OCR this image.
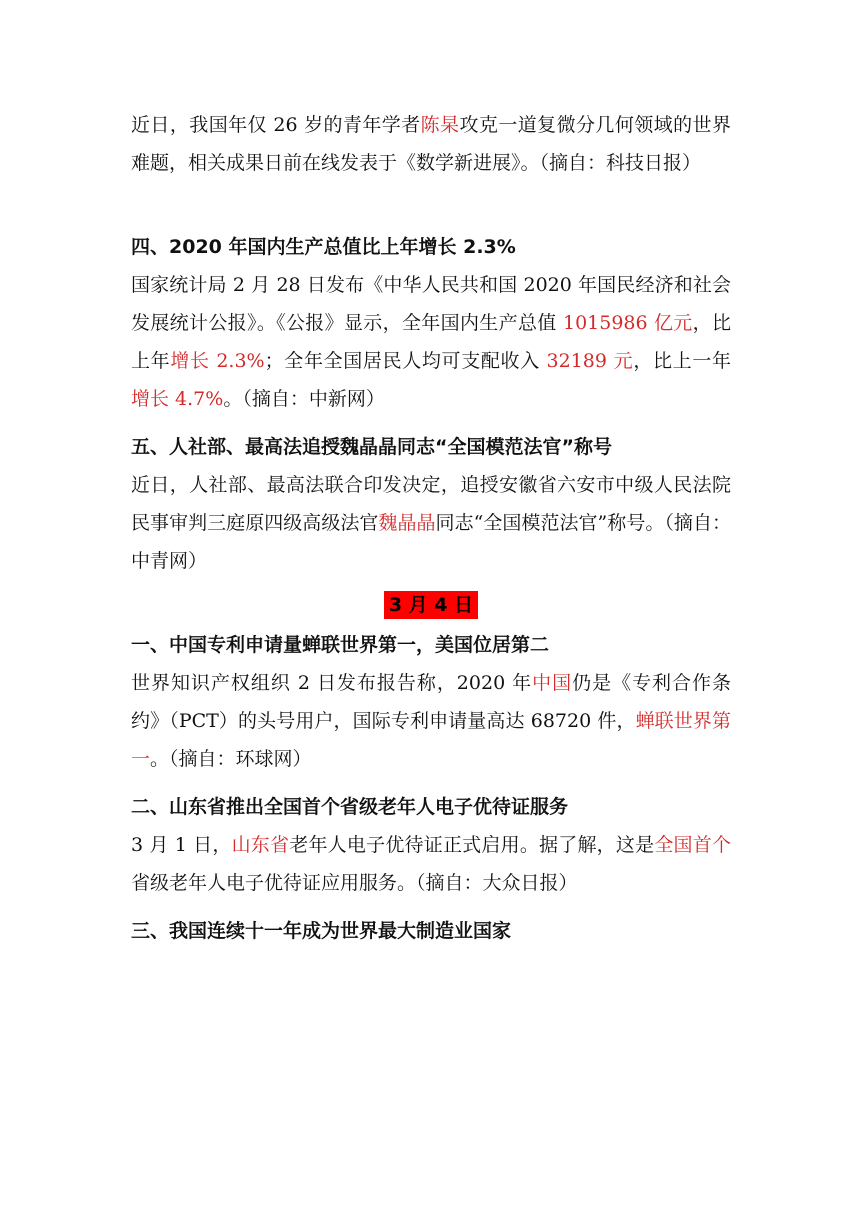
近日，我国年仅 26 岁的青年学者陈杲攻克一道复微分几何领域的世界难题，相关成果日前在线发表于《数学新进展》。（摘自：科技日报）

四、2020 年国内生产总值比上年增长 2.3%

国家统计局 2 月 28 日发布《中华人民共和国 2020 年国民经济和社会发展统计公报》。《公报》显示，全年国内生产总值 1015986 亿元，比上年增长 2.3%；全年全国居民人均可支配收入 32189 元，比上一年增长 4.7%。（摘自：中新网）

五、人社部、最高法追授魏晶晶同志“全国模范法官”称号

近日，人社部、最高法联合印发决定，追授安徽省六安市中级人民法院民事审判三庭原四级高级法官魏晶晶同志“全国模范法官”称号。（摘自：中青网）

3 月 4 日

一、中国专利申请量蝉联世界第一，美国位居第二

世界知识产权组织 2 日发布报告称，2020 年中国仍是《专利合作条约》（PCT）的头号用户，国际专利申请量高达 68720 件，蝉联世界第一。（摘自：环球网）

二、山东省推出全国首个省级老年人电子优待证服务

3 月 1 日，山东省老年人电子优待证正式启用。据了解，这是全国首个省级老年人电子优待证应用服务。（摘自：大众日报）

三、我国连续十一年成为世界最大制造业国家
